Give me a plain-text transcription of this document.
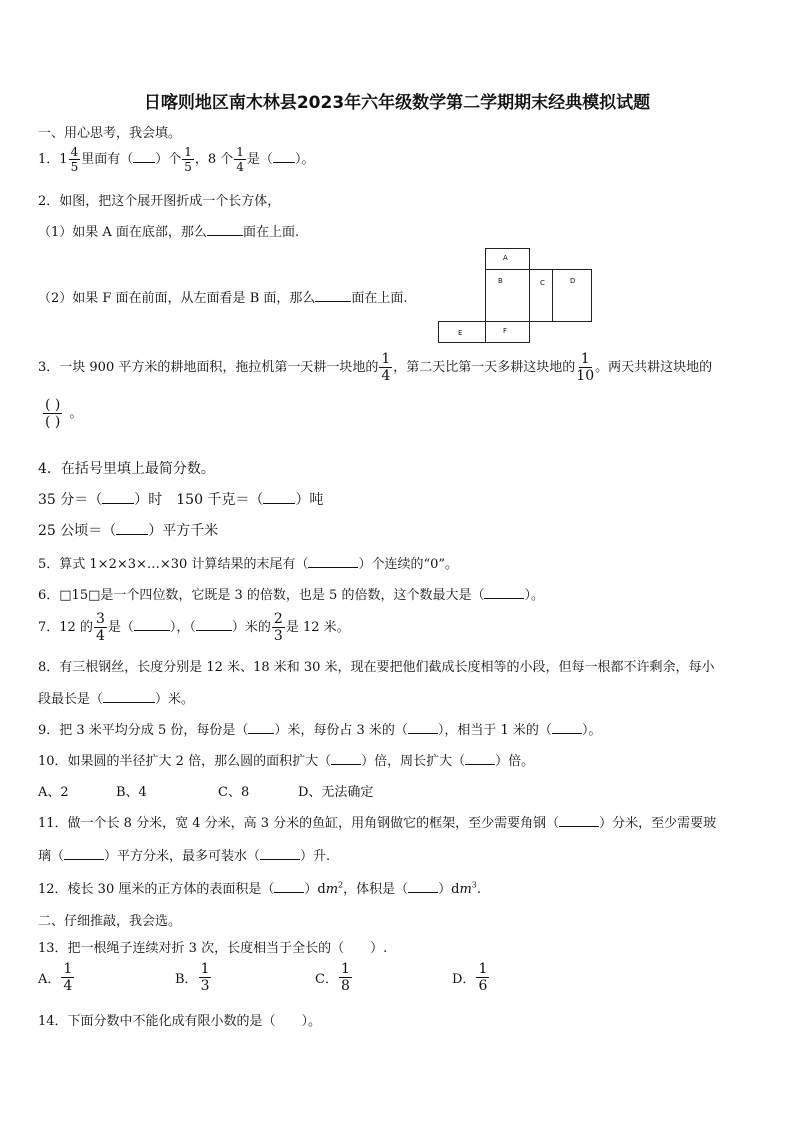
日喀则地区南木林县2023年六年级数学第二学期期末经典模拟试题
一、用心思考，我会填。
1．$1 \frac{4}{5}$ 里面有（ ）个 $\frac{1}{5}$ ，8 个 $\frac{1}{4}$ 是（ ）。
2．如图，把这个展开图折成一个长方体，
（1）如果 A 面在底部，那么	面在上面.
（2）如果 F 面在前面，从左面看是 B 面，那么	面在上面.
A
B	C	D
E	F
3．一块 900 平方米的耕地面积，拖拉机第一天耕一块地的 $\frac{1}{4}$ ，第二天比第一天多耕这块地的 $\frac{1}{10}$ 。两天共耕这块地的
$\frac{( )}{( )}$ 。
4．在括号里填上最简分数。
35 分＝（ ）时　150 千克＝（ ）吨
25 公顷＝（ ）平方千米
5．算式 1×2×3×…×30 计算结果的末尾有（	）个连续的“0”。
6．□15□是一个四位数，它既是 3 的倍数，也是 5 的倍数，这个数最大是（	）。
7．12 的 $\frac{3}{4}$ 是（	），（	）米的 $\frac{2}{3}$ 是 12 米。
8．有三根钢丝，长度分别是 12 米、18 米和 30 米，现在要把他们截成长度相等的小段，但每一根都不许剩余，每小
段最长是（	）米。
9．把 3 米平均分成 5 份，每份是（ ）米，每份占 3 米的（ ），相当于 1 米的（ ）。
10．如果圆的半径扩大 2 倍，那么圆的面积扩大（ ）倍，周长扩大（ ）倍。
A、2	B、4	C、8	D、无法确定
11．做一个长 8 分米，宽 4 分米，高 3 分米的鱼缸，用角钢做它的框架，至少需要角钢（	）分米，至少需要玻
璃（	）平方分米，最多可装水（	）升.
12．棱长 30 厘米的正方体的表面积是（ ）$dm^2$，体积是（ ）$dm^3$.
二、仔细推敲，我会选。
13．把一根绳子连续对折 3 次，长度相当于全长的（　　）.
A． $\frac{1}{4}$	B． $\frac{1}{3}$	C． $\frac{1}{8}$	D． $\frac{1}{6}$
14．下面分数中不能化成有限小数的是（　　）。
